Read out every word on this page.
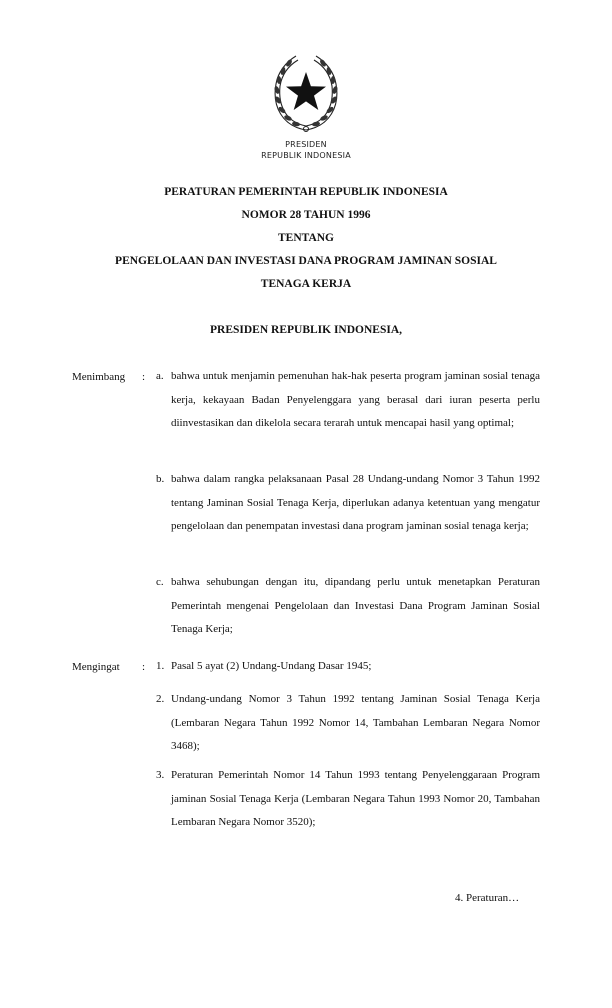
PRESIDEN
REPUBLIK INDONESIA
PERATURAN PEMERINTAH REPUBLIK INDONESIA
NOMOR 28 TAHUN 1996
TENTANG
PENGELOLAAN DAN INVESTASI DANA PROGRAM JAMINAN SOSIAL
TENAGA KERJA
PRESIDEN REPUBLIK INDONESIA,
Menimbang : a. bahwa untuk menjamin pemenuhan hak-hak peserta program jaminan sosial tenaga kerja, kekayaan Badan Penyelenggara yang berasal dari iuran peserta perlu diinvestasikan dan dikelola secara terarah untuk mencapai hasil yang optimal;
b. bahwa dalam rangka pelaksanaan Pasal 28 Undang-undang Nomor 3 Tahun 1992 tentang Jaminan Sosial Tenaga Kerja, diperlukan adanya ketentuan yang mengatur pengelolaan dan penempatan investasi dana program jaminan sosial tenaga kerja;
c. bahwa sehubungan dengan itu, dipandang perlu untuk menetapkan Peraturan Pemerintah mengenai Pengelolaan dan Investasi Dana Program Jaminan Sosial Tenaga Kerja;
Mengingat : 1. Pasal 5 ayat (2) Undang-Undang Dasar 1945;
2. Undang-undang Nomor 3 Tahun 1992 tentang Jaminan Sosial Tenaga Kerja (Lembaran Negara Tahun 1992 Nomor 14, Tambahan Lembaran Negara Nomor 3468);
3. Peraturan Pemerintah Nomor 14 Tahun 1993 tentang Penyelenggaraan Program jaminan Sosial Tenaga Kerja (Lembaran Negara Tahun 1993 Nomor 20, Tambahan Lembaran Negara Nomor 3520);
4. Peraturan…
